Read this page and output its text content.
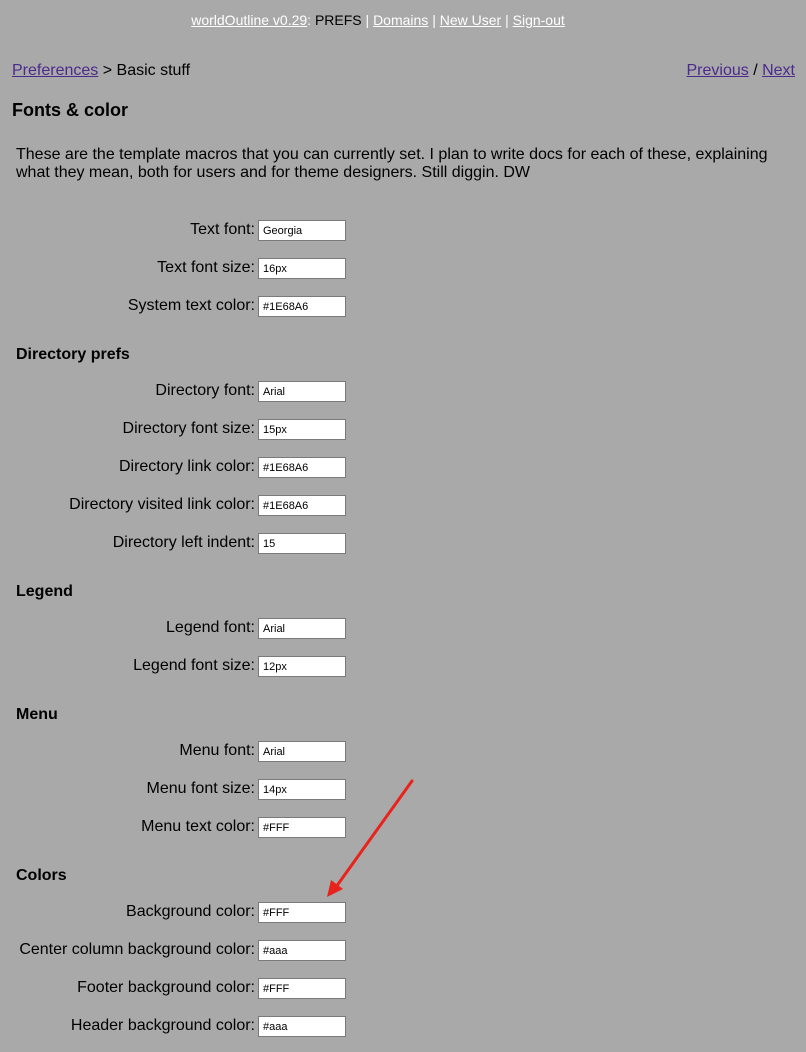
worldOutline v0.29: PREFS | Domains | New User | Sign-out
Preferences > Basic stuff	Previous / Next
Fonts & color

These are the template macros that you can currently set. I plan to write docs for each of these, explaining what they mean, both for users and for theme designers. Still diggin. DW

Text font:
Georgia
Text font size:
16px
System text color:
#1E68A6
Directory prefs
Directory font:
Arial
Directory font size:
15px
Directory link color:
#1E68A6
Directory visited link color:
#1E68A6
Directory left indent:
15
Legend
Legend font:
Arial
Legend font size:
12px
Menu
Menu font:
Arial
Menu font size:
14px
Menu text color:
#FFF
Colors
Background color:
#FFF
Center column background color:
#aaa
Footer background color:
#FFF
Header background color:
#aaa
